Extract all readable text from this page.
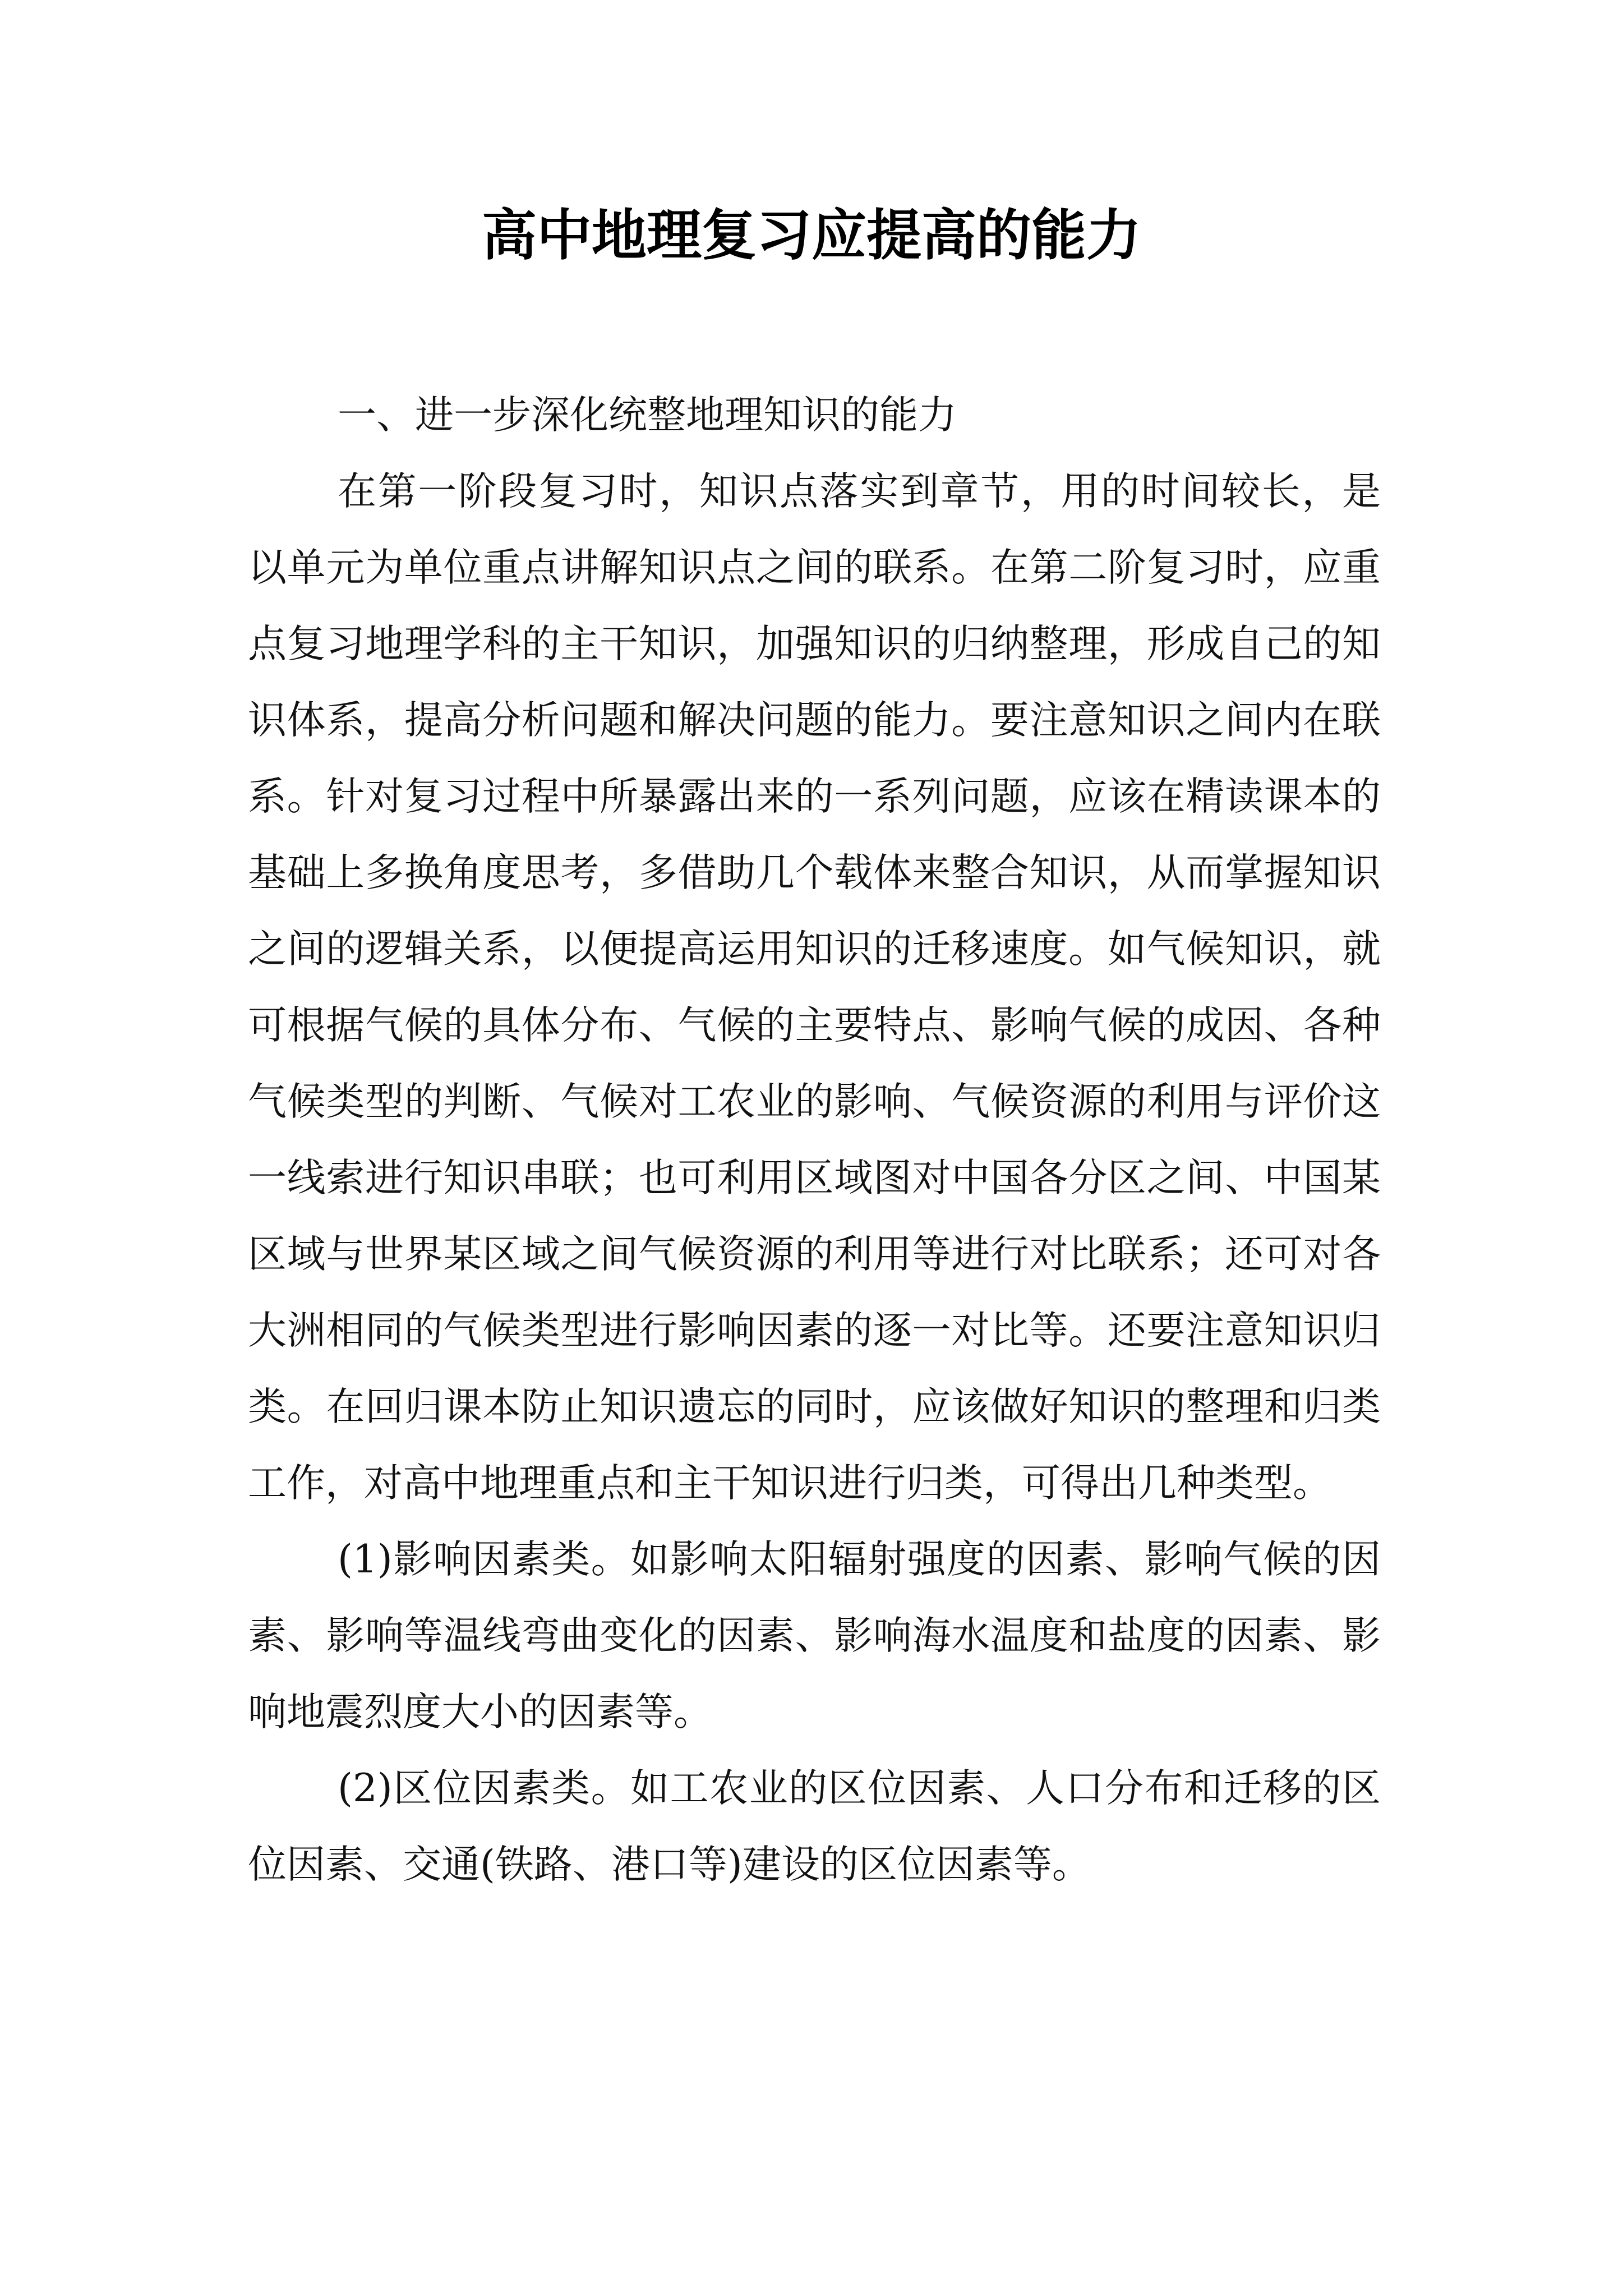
高中地理复习应提高的能力

一、进一步深化统整地理知识的能力

在第一阶段复习时，知识点落实到章节，用的时间较长，是以单元为单位重点讲解知识点之间的联系。在第二阶复习时，应重点复习地理学科的主干知识，加强知识的归纳整理，形成自己的知识体系，提高分析问题和解决问题的能力。要注意知识之间内在联系。针对复习过程中所暴露出来的一系列问题，应该在精读课本的基础上多换角度思考，多借助几个载体来整合知识，从而掌握知识之间的逻辑关系，以便提高运用知识的迁移速度。如气候知识，就可根据气候的具体分布、气候的主要特点、影响气候的成因、各种气候类型的判断、气候对工农业的影响、气候资源的利用与评价这一线索进行知识串联；也可利用区域图对中国各分区之间、中国某区域与世界某区域之间气候资源的利用等进行对比联系；还可对各大洲相同的气候类型进行影响因素的逐一对比等。还要注意知识归类。在回归课本防止知识遗忘的同时，应该做好知识的整理和归类工作，对高中地理重点和主干知识进行归类，可得出几种类型。

(1)影响因素类。如影响太阳辐射强度的因素、影响气候的因素、影响等温线弯曲变化的因素、影响海水温度和盐度的因素、影响地震烈度大小的因素等。

(2)区位因素类。如工农业的区位因素、人口分布和迁移的区位因素、交通(铁路、港口等)建设的区位因素等。
